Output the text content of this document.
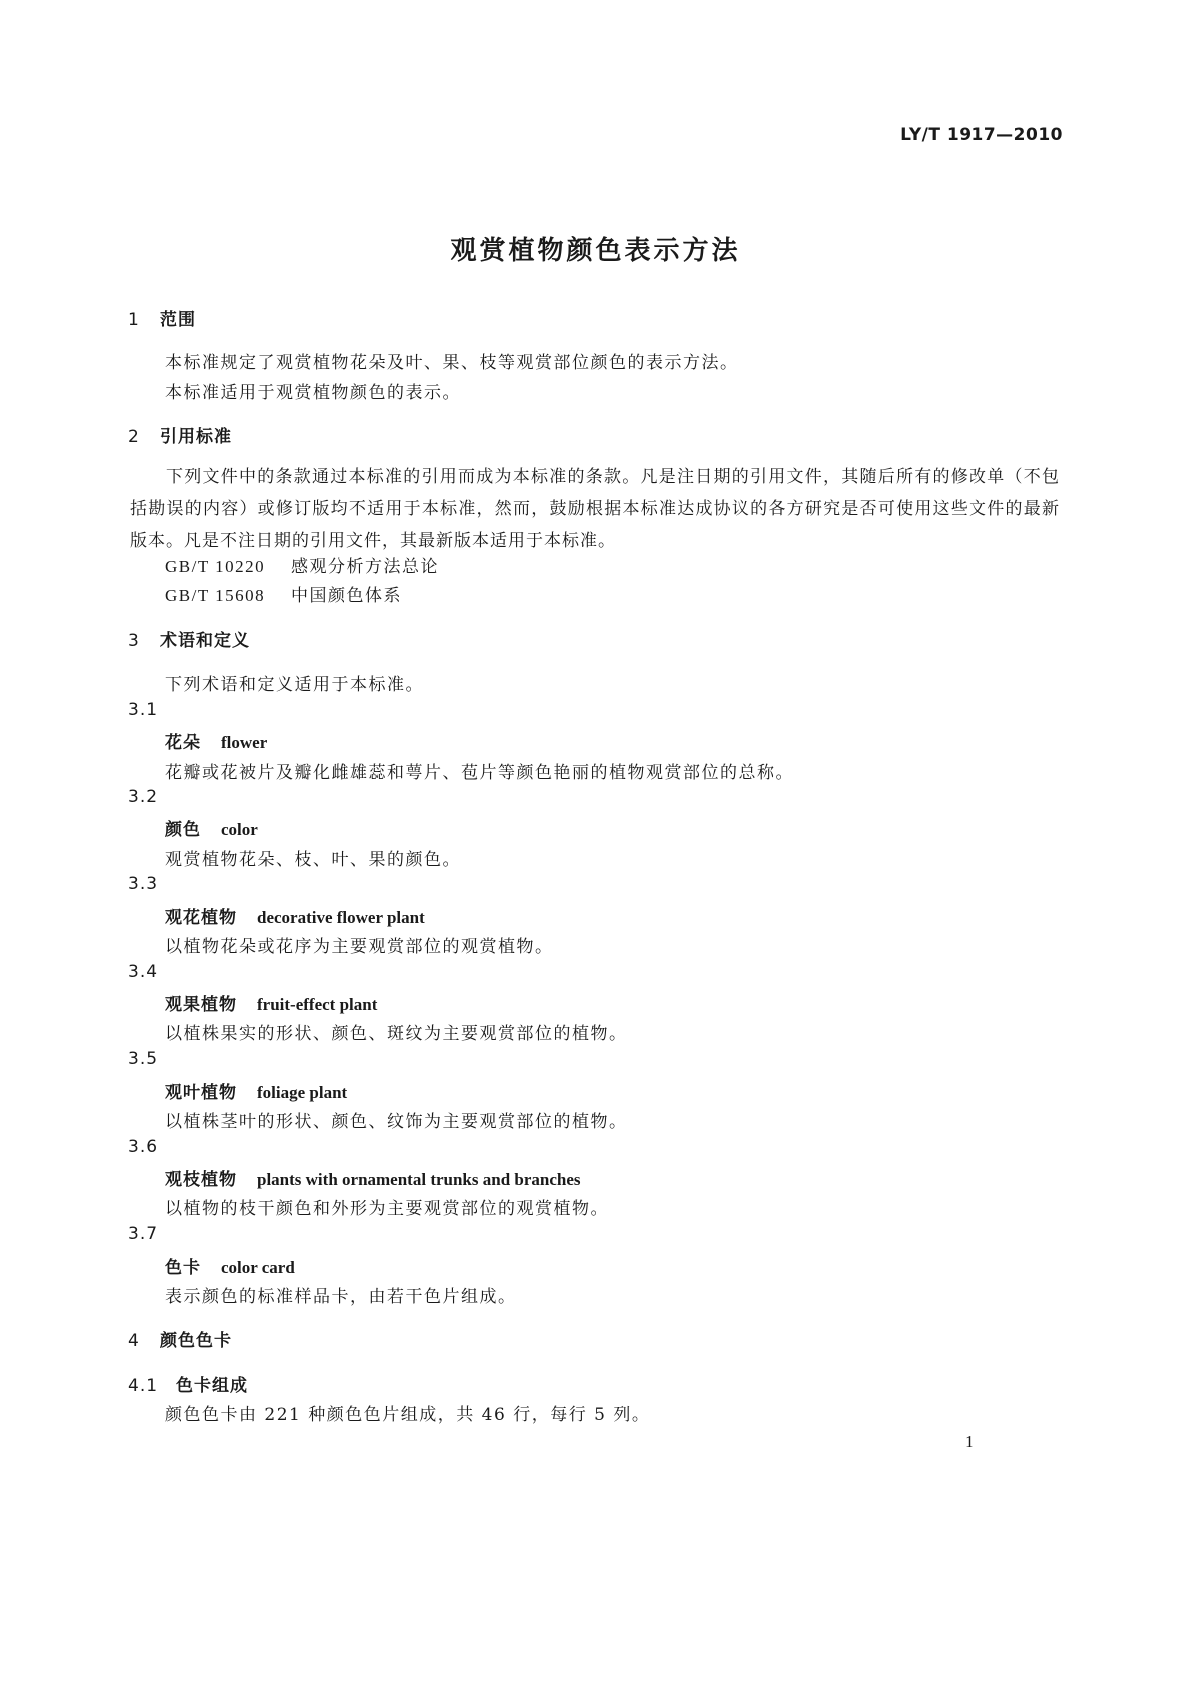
LY/T 1917—2010
观赏植物颜色表示方法
1 范围
本标准规定了观赏植物花朵及叶、果、枝等观赏部位颜色的表示方法。
本标准适用于观赏植物颜色的表示。
2 引用标准
下列文件中的条款通过本标准的引用而成为本标准的条款。凡是注日期的引用文件，其随后所有的修改单（不包括勘误的内容）或修订版均不适用于本标准，然而，鼓励根据本标准达成协议的各方研究是否可使用这些文件的最新版本。凡是不注日期的引用文件，其最新版本适用于本标准。
GB/T 10220 感观分析方法总论
GB/T 15608 中国颜色体系
3 术语和定义
下列术语和定义适用于本标准。
3.1
花朵 flower
花瓣或花被片及瓣化雌雄蕊和萼片、苞片等颜色艳丽的植物观赏部位的总称。
3.2
颜色 color
观赏植物花朵、枝、叶、果的颜色。
3.3
观花植物 decorative flower plant
以植物花朵或花序为主要观赏部位的观赏植物。
3.4
观果植物 fruit-effect plant
以植株果实的形状、颜色、斑纹为主要观赏部位的植物。
3.5
观叶植物 foliage plant
以植株茎叶的形状、颜色、纹饰为主要观赏部位的植物。
3.6
观枝植物 plants with ornamental trunks and branches
以植物的枝干颜色和外形为主要观赏部位的观赏植物。
3.7
色卡 color card
表示颜色的标准样品卡，由若干色片组成。
4 颜色色卡
4.1 色卡组成
颜色色卡由 221 种颜色色片组成，共 46 行，每行 5 列。
1
